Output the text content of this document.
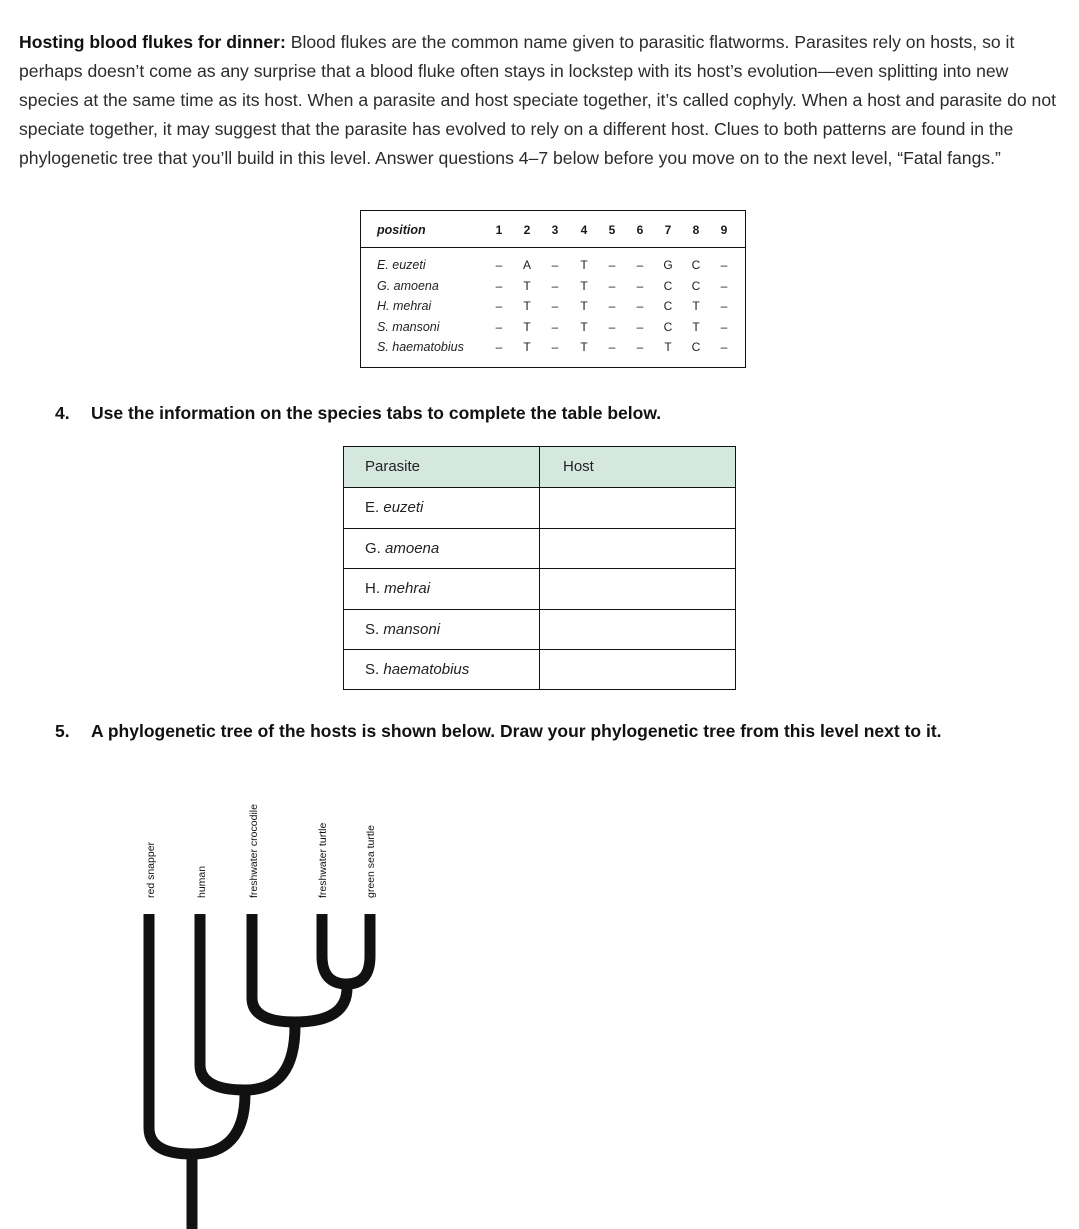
Hosting blood flukes for dinner: Blood flukes are the common name given to parasitic flatworms. Parasites rely on hosts, so it perhaps doesn’t come as any surprise that a blood fluke often stays in lockstep with its host’s evolution—even splitting into new species at the same time as its host. When a parasite and host speciate together, it’s called cophyly. When a host and parasite do not speciate together, it may suggest that the parasite has evolved to rely on a different host. Clues to both patterns are found in the phylogenetic tree that you’ll build in this level. Answer questions 4–7 below before you move on to the next level, “Fatal fangs.”

position	1	2	3	4	5	6	7	8	9
E. euzeti	–	A	–	T	–	–	G	C	–
G. amoena	–	T	–	T	–	–	C	C	–
H. mehrai	–	T	–	T	–	–	C	T	–
S. mansoni	–	T	–	T	–	–	C	T	–
S. haematobius	–	T	–	T	–	–	T	C	–

4. Use the information on the species tabs to complete the table below.

Parasite	Host
E. euzeti
G. amoena
H. mehrai
S. mansoni
S. haematobius

5. A phylogenetic tree of the hosts is shown below. Draw your phylogenetic tree from this level next to it.

red snapper	human	freshwater crocodile	freshwater turtle	green sea turtle
